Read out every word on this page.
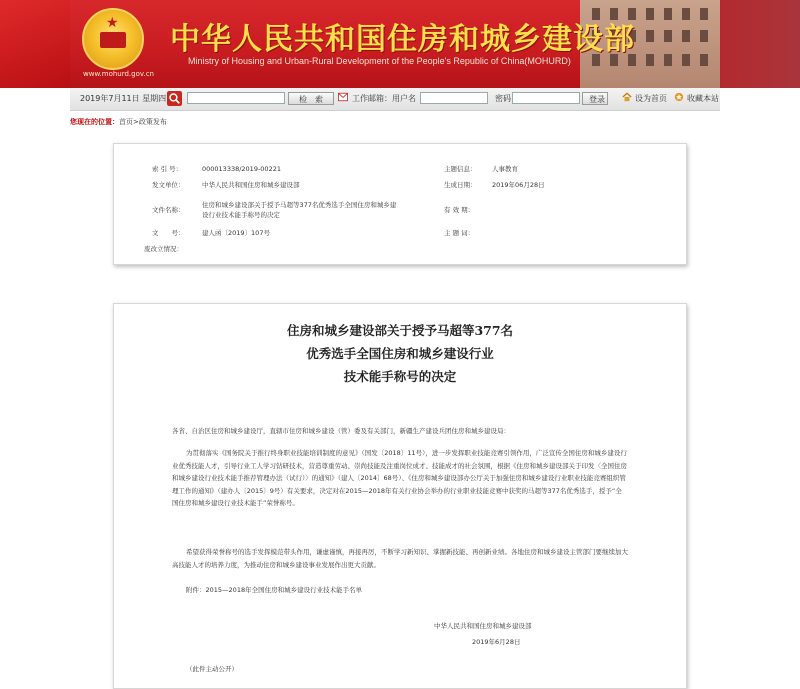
★
www.mohurd.gov.cn
中华人民共和国住房和城乡建设部
Ministry of Housing and Urban-Rural Development of the People's Republic of China(MOHURD)
2019年7月11日 星期四	检　索	工作邮箱： 用户名	密码	登录	设为首页	收藏本站
您现在的位置：首页>政策发布
索 引 号：	000013338/2019-00221	主题信息： 人事教育
发文单位：	中华人民共和国住房和城乡建设部	生成日期： 2019年06月28日
文件名称：
住房和城乡建设部关于授予马超等377名优秀选手全国住房和城乡建设行业技术能手称号的决定
有 效 期：
文　　号：	建人函〔2019〕107号	主 题 词：
废改立情况：
住房和城乡建设部关于授予马超等377名
优秀选手全国住房和城乡建设行业
技术能手称号的决定
各省、自治区住房和城乡建设厅，直辖市住房和城乡建设（管）委及有关部门，新疆生产建设兵团住房和城乡建设局：
为贯彻落实《国务院关于推行终身职业技能培训制度的意见》（国发〔2018〕11号），进一步发挥职业技能竞赛引领作用，广泛宣传全国住房和城乡建设行业优秀技能人才，引导行业工人学习钻研技术，营造尊重劳动、崇尚技能及注重岗位成才、技能成才的社会氛围，根据《住房和城乡建设部关于印发〈全国住房和城乡建设行业技术能手推荐管理办法（试行）〉的通知》（建人〔2014〕68号）、《住房和城乡建设部办公厅关于加强住房和城乡建设行业职业技能竞赛组织管理工作的通知》（建办人〔2015〕9号）有关要求，决定对在2015—2018年有关行业协会举办的行业职业技能竞赛中获奖的马超等377名优秀选手，授予“全国住房和城乡建设行业技术能手”荣誉称号。
希望获得荣誉称号的选手发挥模范带头作用，谦虚谨慎，再接再厉，不断学习新知识、掌握新技能、再创新业绩。各地住房和城乡建设主管部门要继续加大高技能人才的培养力度，为推动住房和城乡建设事业发展作出更大贡献。
附件：2015—2018年全国住房和城乡建设行业技术能手名单
中华人民共和国住房和城乡建设部
2019年6月28日
（此件主动公开）
